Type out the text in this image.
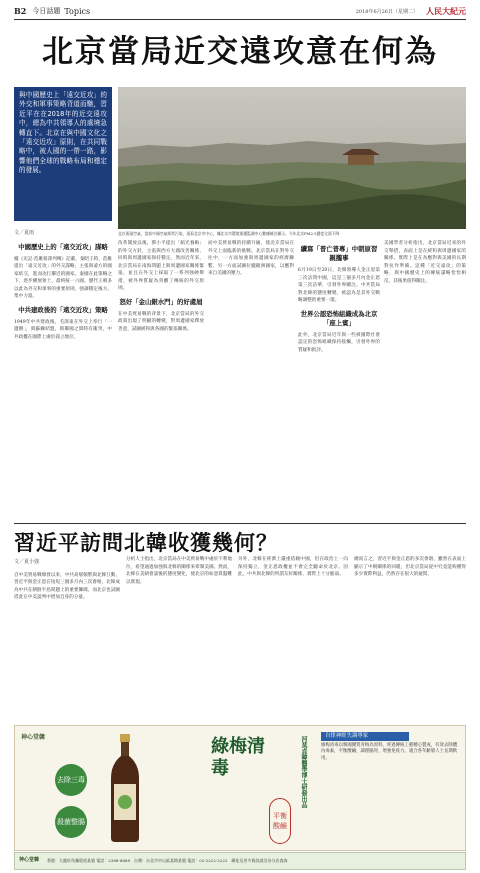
B2 今日話題 Topics	2018年6月26日（星期二） 人民大紀元
北京當局近交遠攻意在何為
與中國歷史上「遠交近攻」的外交和軍事策略背道而馳，習近平在在2018年的近交遠攻中，總為中共領導人的處境急轉直下。北京在與中國文化之「遠交近攻」原則，在共同戰略中，被人國的一帶一路，影響他們全球的戰略布局和穩定的發展。
北京街頭空氣，當前中國空氣經常污染，遠看北京市中心，據北京市環境保護監測中心數據統計顯示，今年北京PM2.5濃度全面下降
文／夏雨
中國歷史上的「遠交近攻」謀略
據《史記·范雎蔡澤列傳》記載，秦昭王時，范雎提出「遠交近攻」的外交謀略，主張與遠方的國家結交，進而攻打鄰近的國家。秦國在此策略之下，逐步擴展領土，最終統一六國。歷代王朝多以此為外交和軍事的重要原則，強調穩定後方、集中力量。
中共建政後的「遠交近攻」策略
1949年中共建政後，毛澤東在外交上奉行「一邊倒」，與蘇聯結盟，與鄰國之間時有衝突，中共政權在國際上處於孤立地位。
改革開放以後，鄧小平提出「韜光養晦」的外交方針，主張與西方大國改善關係，同時與周邊國家保持穩定。然而近年來，北京當局在南海問題上與周邊國家關係緊張，並且在外交上採取了一系列強硬舉措，被外界質疑為背離了傳統的外交原則。
怒好「金山銀水門」的好處屆
在中美貿易戰的背景下，北京當局的外交政策出現了明顯的轉變，對周邊國家釋放善意，試圖緩和與各國的緊張關係。
而中美貿易戰的持續升級，使北京當局在外交上面臨新的挑戰。北京當局在對外交往中，一方面加強與周邊國家的經濟聯繫，另一方面試圖拉攏歐洲國家，以應對來自美國的壓力。
續寫「普亡普專」中朝原習親攏事
6月19日至20日，北韓領導人金正恩第三次訪問中國，這是三個多月內金正恩第三次訪華，引發外界關注。中共當局對北韓的態度轉變，被認為是其外交戰略調整的重要一環。
世界公認恐怖組織成為北京「座上賓」
此外，北京當局近年與一些被國際社會認定的恐怖組織保持接觸，引發外界的質疑和批評。
美國學者分析指出，北京當局近來的外交舉措，表面上是在緩和與周邊國家的關係，實際上是在為應對與美國的長期對抗作準備。這種「近交遠攻」的策略，與中國歷史上的傳統謀略恰恰相反，其後果值得關注。
習近平訪問北韓收獲幾何？
文／夏小強
自中美貿易戰爆發以來，中共高層頻繁與北韓互動。習近平與金正恩在短短三個多月內三次會晤，北韓成為中共在朝鮮半島問題上的重要籌碼，而北京也試圖借此在中美談判中增加自身的分量。
分析人士指出，北京當局在中美貿易戰中處於不利地位，希望通過加強與北韓的關係來牽制美國。然而，北韓在美朝會談後的態度變化，使北京的如意算盤難以實現。
另外，北韓在經濟上嚴重依賴中國，但在政治上一向保持獨立，金正恩政權並不會完全聽命於北京。因此，中共與北韓的所謂友好關係，實際上十分脆弱。
總而言之，習近平與金正恩的多次會晤，雖然在表面上顯示了中朝關係的回暖，但北京當局從中究竟能夠獲得多少實際利益，仍然存在很大的疑問。
神心堂韓
去除三毒
殺菌整腸
綠梅清毒
平衡酸鹼
河莫貞韓醫學博士研發出品	自律神經失調專家
綠梅清毒以韓國優質青梅為原料，經過傳統工藝精心製成，有效去除體內毒素，平衡酸鹼，調理腸胃，增強免疫力。適合各年齡層人士長期飲用。
神心堂韓 香港：九龍旺角彌敦道某號 電話：2388-8888　台灣：台北市中山區某路某號 電話：02-2222-2222　網址及更多資訊請洽各分店查詢
